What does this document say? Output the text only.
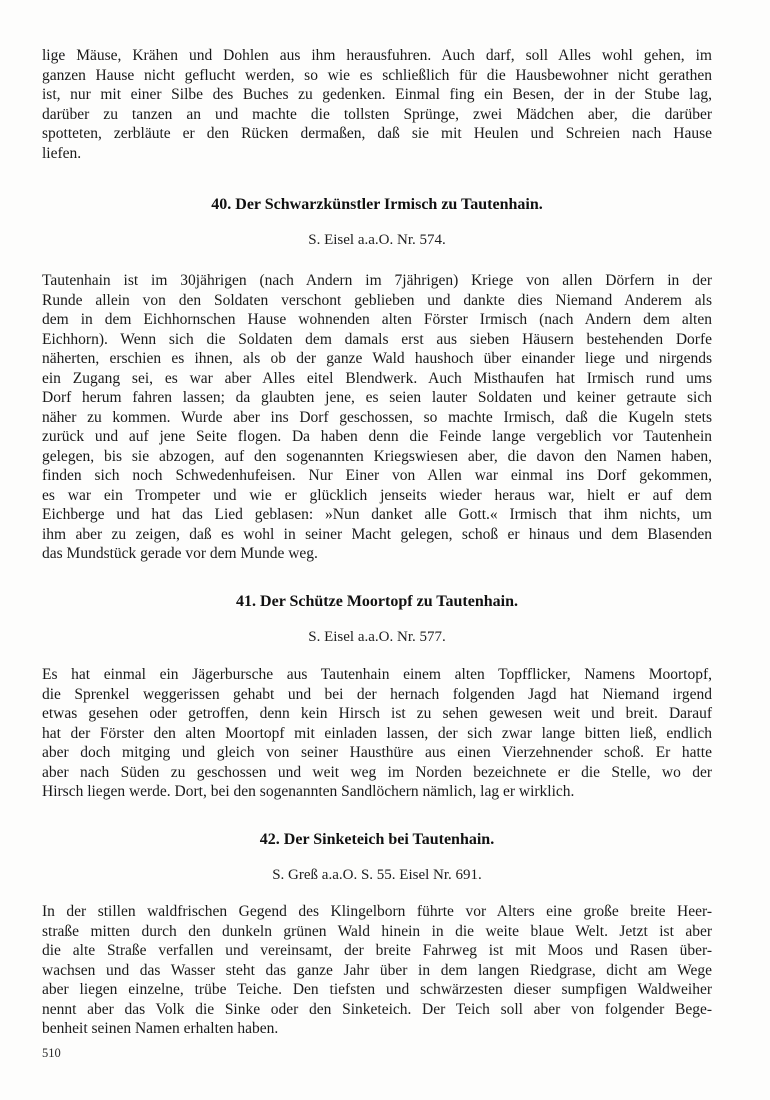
lige Mäuse, Krähen und Dohlen aus ihm herausfuhren. Auch darf, soll Alles wohl gehen, im
ganzen Hause nicht geflucht werden, so wie es schließlich für die Hausbewohner nicht gerathen
ist, nur mit einer Silbe des Buches zu gedenken. Einmal fing ein Besen, der in der Stube lag,
darüber zu tanzen an und machte die tollsten Sprünge, zwei Mädchen aber, die darüber
spotteten, zerbläute er den Rücken dermaßen, daß sie mit Heulen und Schreien nach Hause
liefen.
40. Der Schwarzkünstler Irmisch zu Tautenhain.
S. Eisel a.a.O. Nr. 574.
Tautenhain ist im 30jährigen (nach Andern im 7jährigen) Kriege von allen Dörfern in der
Runde allein von den Soldaten verschont geblieben und dankte dies Niemand Anderem als
dem in dem Eichhornschen Hause wohnenden alten Förster Irmisch (nach Andern dem alten
Eichhorn). Wenn sich die Soldaten dem damals erst aus sieben Häusern bestehenden Dorfe
näherten, erschien es ihnen, als ob der ganze Wald haushoch über einander liege und nirgends
ein Zugang sei, es war aber Alles eitel Blendwerk. Auch Misthaufen hat Irmisch rund ums
Dorf herum fahren lassen; da glaubten jene, es seien lauter Soldaten und keiner getraute sich
näher zu kommen. Wurde aber ins Dorf geschossen, so machte Irmisch, daß die Kugeln stets
zurück und auf jene Seite flogen. Da haben denn die Feinde lange vergeblich vor Tautenhein
gelegen, bis sie abzogen, auf den sogenannten Kriegswiesen aber, die davon den Namen haben,
finden sich noch Schwedenhufeisen. Nur Einer von Allen war einmal ins Dorf gekommen,
es war ein Trompeter und wie er glücklich jenseits wieder heraus war, hielt er auf dem
Eichberge und hat das Lied geblasen: »Nun danket alle Gott.« Irmisch that ihm nichts, um
ihm aber zu zeigen, daß es wohl in seiner Macht gelegen, schoß er hinaus und dem Blasenden
das Mundstück gerade vor dem Munde weg.
41. Der Schütze Moortopf zu Tautenhain.
S. Eisel a.a.O. Nr. 577.
Es hat einmal ein Jägerbursche aus Tautenhain einem alten Topfflicker, Namens Moortopf,
die Sprenkel weggerissen gehabt und bei der hernach folgenden Jagd hat Niemand irgend
etwas gesehen oder getroffen, denn kein Hirsch ist zu sehen gewesen weit und breit. Darauf
hat der Förster den alten Moortopf mit einladen lassen, der sich zwar lange bitten ließ, endlich
aber doch mitging und gleich von seiner Hausthüre aus einen Vierzehnender schoß. Er hatte
aber nach Süden zu geschossen und weit weg im Norden bezeichnete er die Stelle, wo der
Hirsch liegen werde. Dort, bei den sogenannten Sandlöchern nämlich, lag er wirklich.
42. Der Sinketeich bei Tautenhain.
S. Greß a.a.O. S. 55. Eisel Nr. 691.
In der stillen waldfrischen Gegend des Klingelborn führte vor Alters eine große breite Heer-
straße mitten durch den dunkeln grünen Wald hinein in die weite blaue Welt. Jetzt ist aber
die alte Straße verfallen und vereinsamt, der breite Fahrweg ist mit Moos und Rasen über-
wachsen und das Wasser steht das ganze Jahr über in dem langen Riedgrase, dicht am Wege
aber liegen einzelne, trübe Teiche. Den tiefsten und schwärzesten dieser sumpfigen Waldweiher
nennt aber das Volk die Sinke oder den Sinketeich. Der Teich soll aber von folgender Bege-
benheit seinen Namen erhalten haben.
510
